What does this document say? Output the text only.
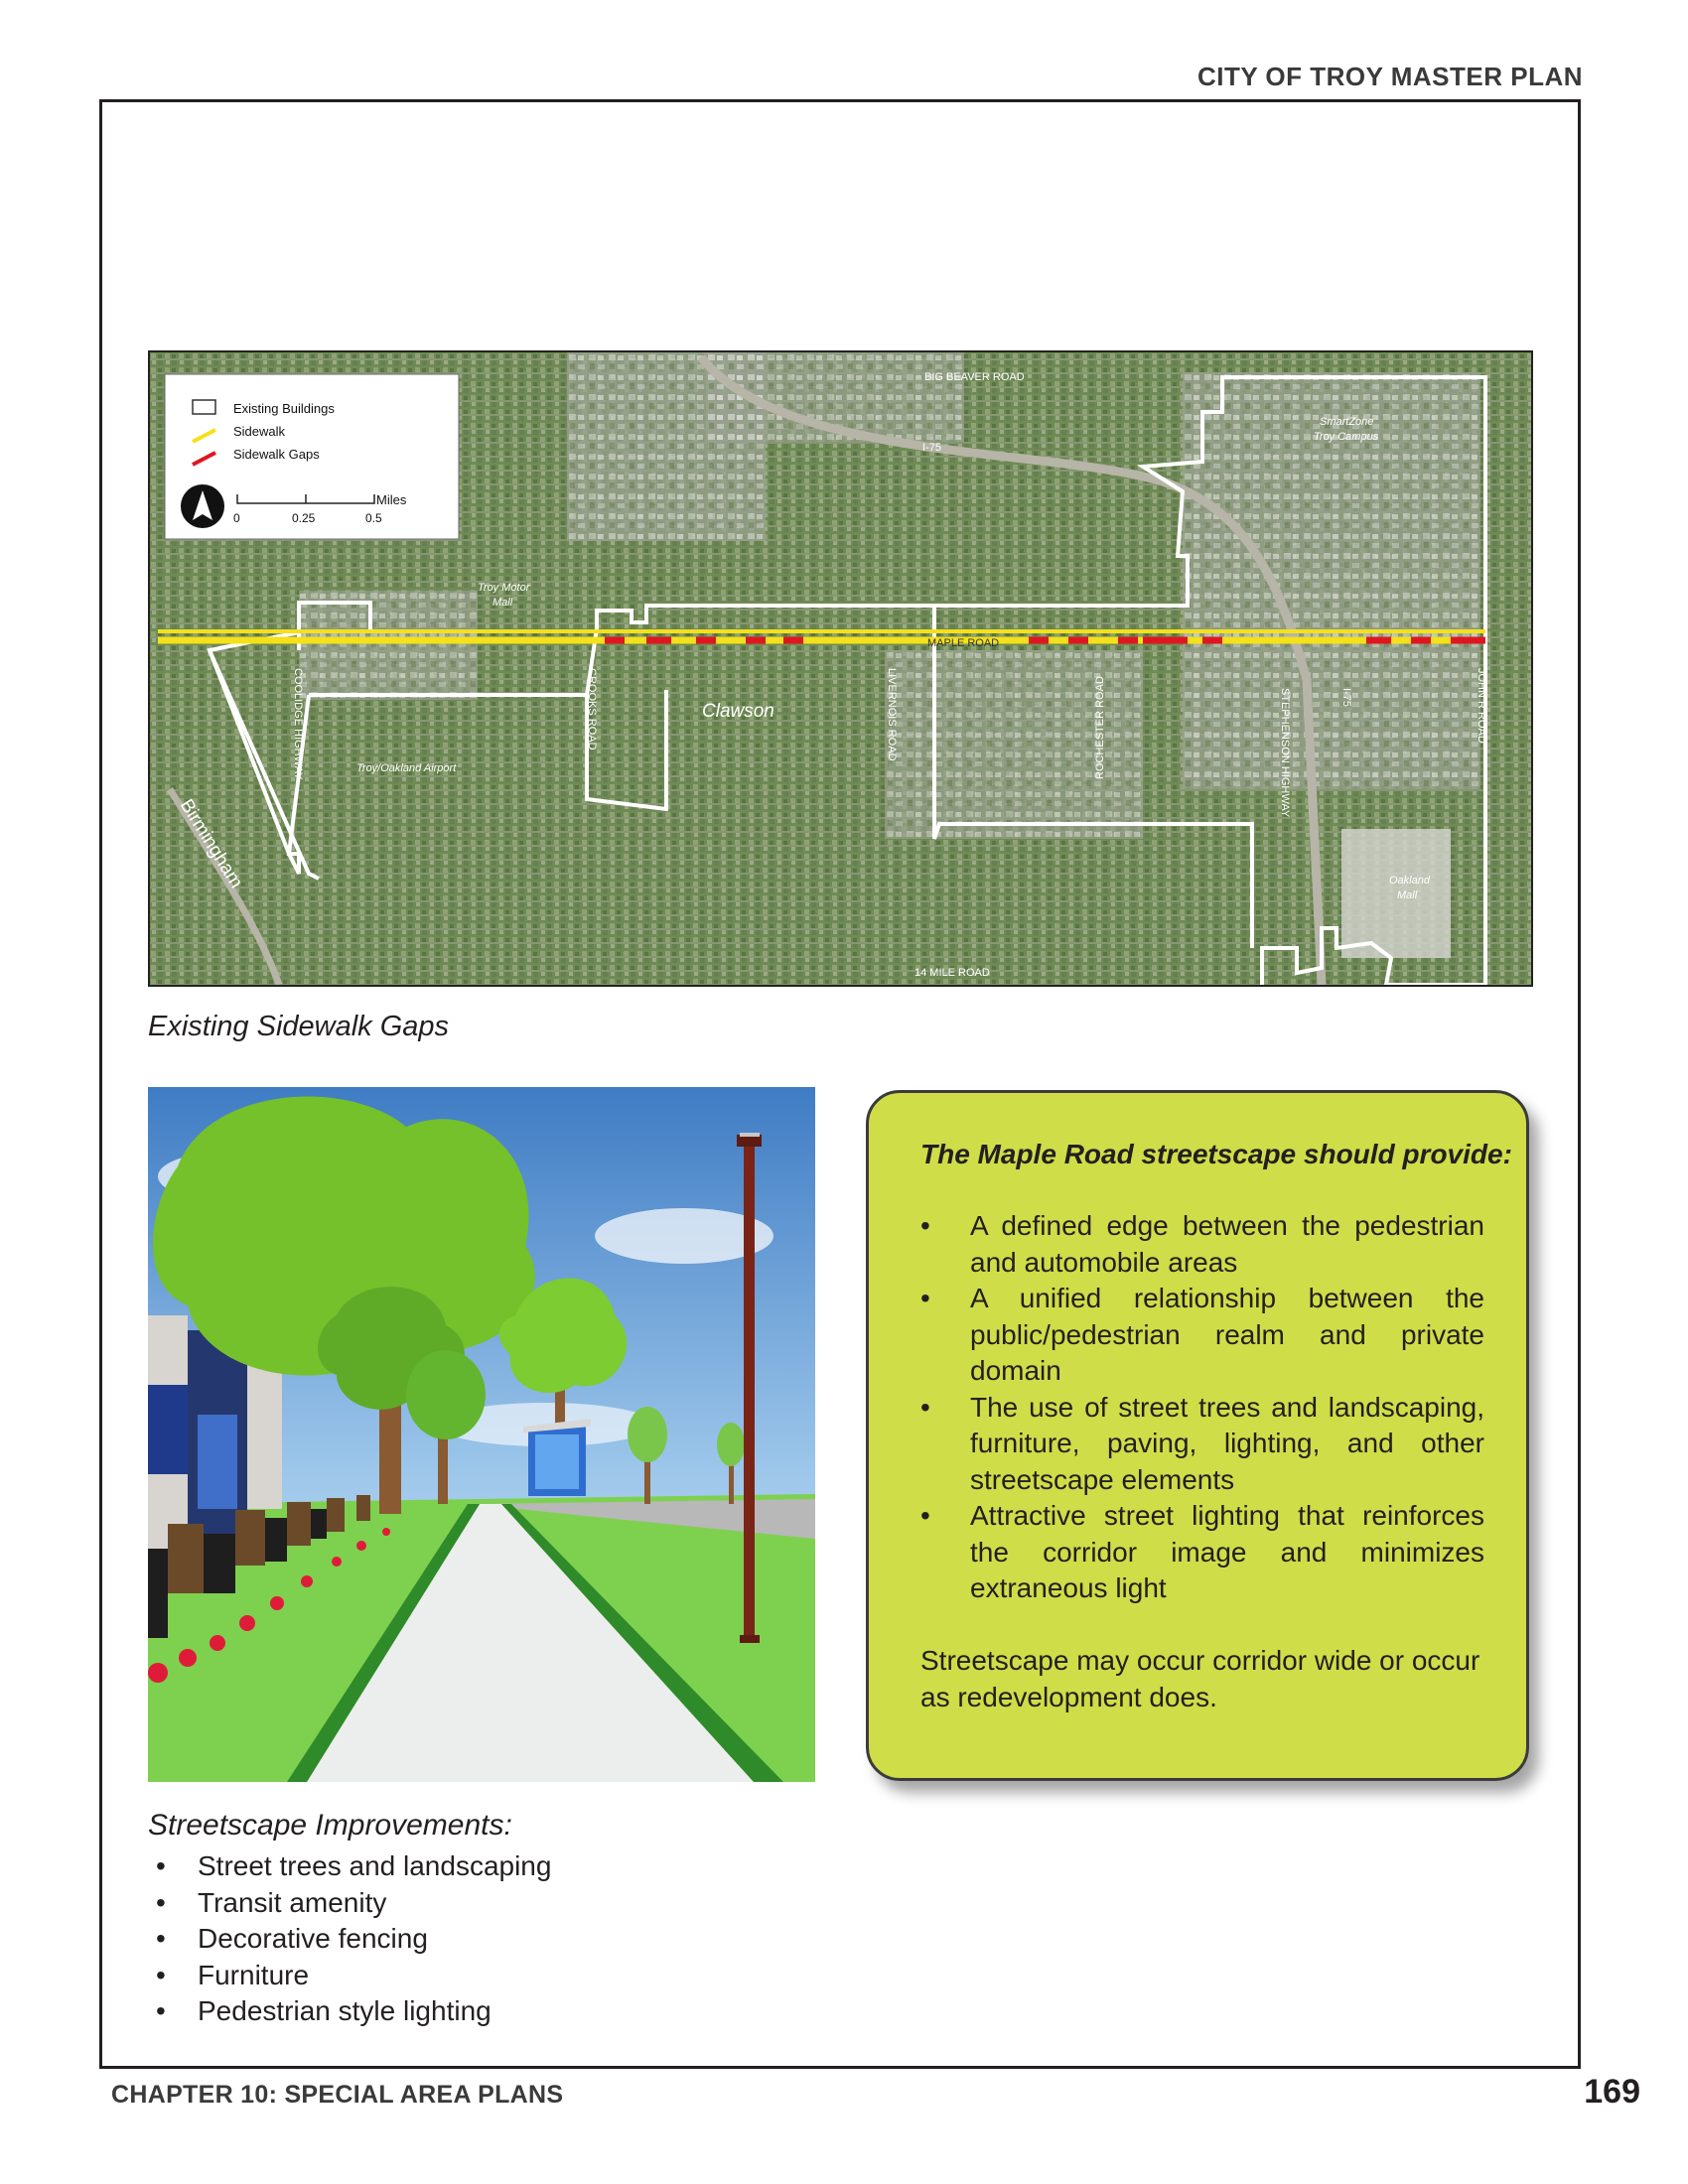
CITY OF TROY MASTER PLAN
Existing Buildings
Sidewalk
Sidewalk Gaps
Miles
0	0.25	0.5
BIG BEAVER ROAD
I-75
SmartZone
Troy Campus
Troy Motor
Mall
MAPLE ROAD
Clawson
Troy/Oakland Airport
Oakland
Mall
14 MILE ROAD
COOLIDGE HIGHWAY	CROOKS ROAD	LIVERNOIS ROAD	ROCHESTER ROAD	STEPHENSON HIGHWAY	I-75	JOHN R ROAD
Birmingham
Existing Sidewalk Gaps
The Maple Road streetscape should provide:
• A defined edge between the pedestrian and automobile areas
• A unified relationship between the public/pedestrian realm and private domain
• The use of street trees and landscaping, furniture, paving, lighting, and other streetscape elements
• Attractive street lighting that reinforces the corridor image and minimizes extraneous light
Streetscape may occur corridor wide or occur as redevelopment does.
Streetscape Improvements:
• Street trees and landscaping
• Transit amenity
• Decorative fencing
• Furniture
• Pedestrian style lighting
CHAPTER 10: SPECIAL AREA PLANS	169
